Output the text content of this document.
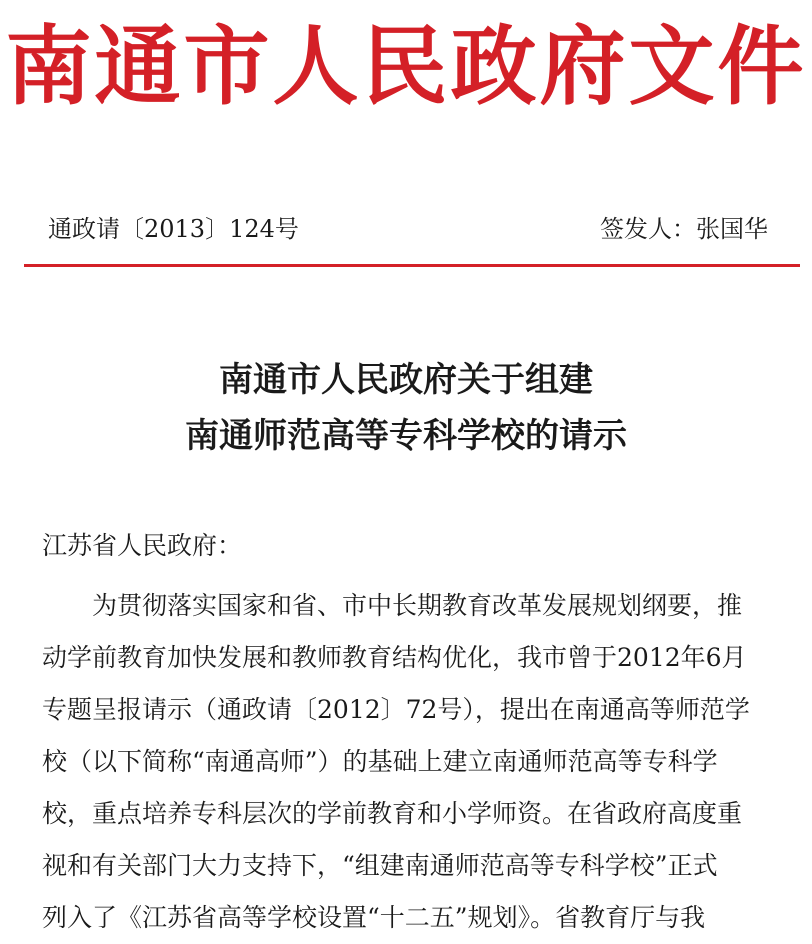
南通市人民政府文件
通政请〔2013〕124号	签发人：张国华
南通市人民政府关于组建
南通师范高等专科学校的请示
江苏省人民政府：
为贯彻落实国家和省、市中长期教育改革发展规划纲要，推
动学前教育加快发展和教师教育结构优化，我市曾于2012年6月
专题呈报请示（通政请〔2012〕72号），提出在南通高等师范学
校（以下简称“南通高师”）的基础上建立南通师范高等专科学
校，重点培养专科层次的学前教育和小学师资。在省政府高度重
视和有关部门大力支持下，“组建南通师范高等专科学校”正式
列入了《江苏省高等学校设置“十二五”规划》。省教育厅与我
